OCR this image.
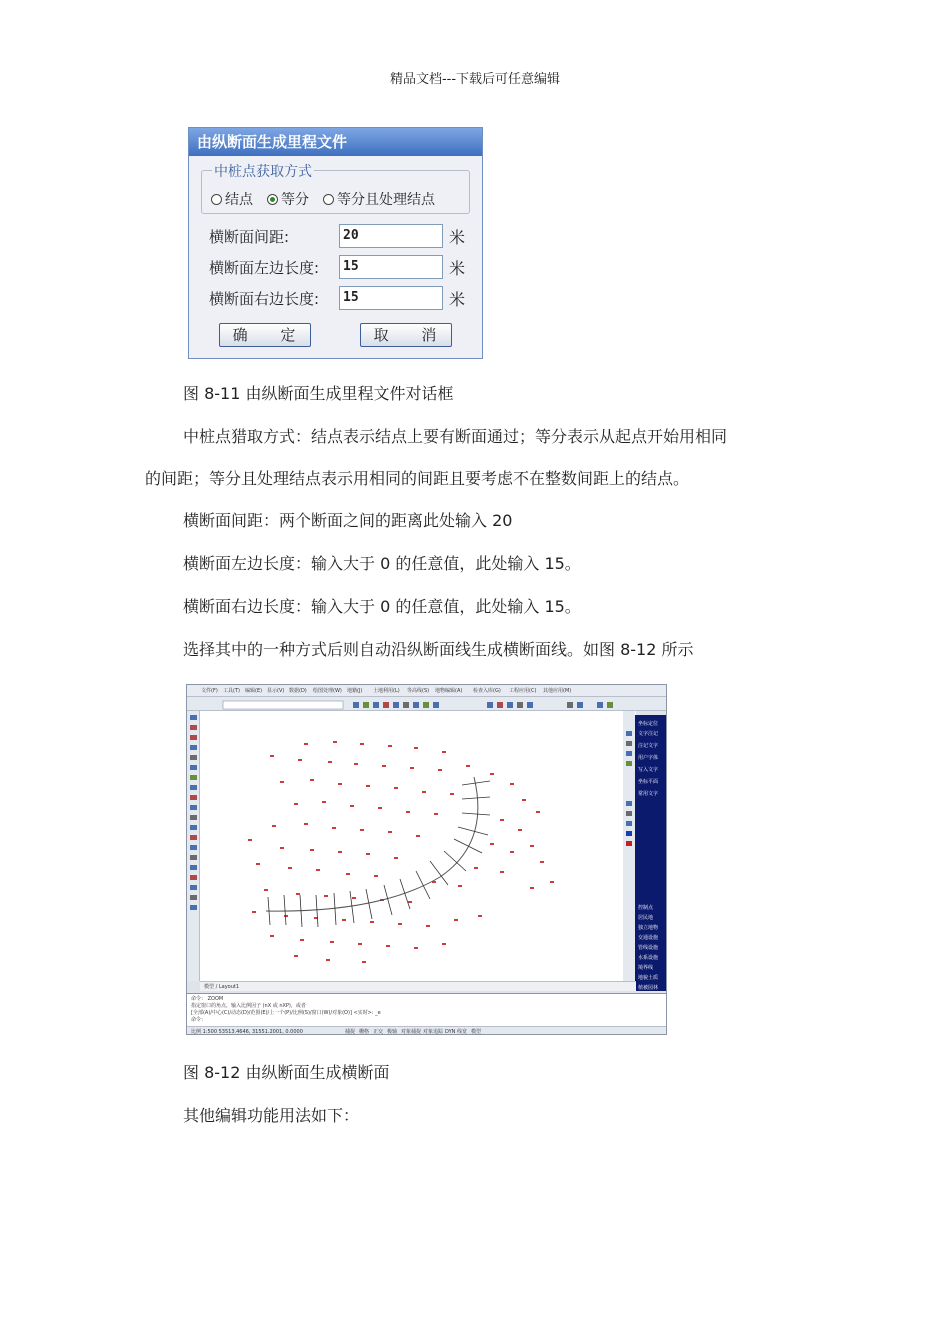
精品文档---下载后可任意编辑
由纵断面生成里程文件
中桩点获取方式
结点 等分 等分且处理结点
横断面间距:	20	米
横断面左边长度:	15	米
横断面右边长度:	15	米
确 定	取 消
图 8-11 由纵断面生成里程文件对话框
中桩点猎取方式：结点表示结点上要有断面通过；等分表示从起点开始用相同
的间距；等分且处理结点表示用相同的间距且要考虑不在整数间距上的结点。
横断面间距：两个断面之间的距离此处输入 20
横断面左边长度：输入大于 0 的任意值，此处输入 15。
横断面右边长度：输入大于 0 的任意值，此处输入 15。
选择其中的一种方式后则自动沿纵断面线生成横断面线。如图 8-12 所示
文件(F) 工具(T) 编辑(E) 显示(V) 数据(D) 绘图处理(W) 地籍(J) 土地利用(L) 等高线(S) 地物编辑(A) 检查入库(G) 工程应用(C) 其他应用(M)
坐标定位
文字注记
注记文字
用户字体
写入文字
坐标平面
常用文字
控制点
居民地
独立地物
交通设施
管线设施
水系设施
境界线
地貌土质
植被园林
模型 / Layout1
命令： ZOOM
指定窗口的角点，输入比例因子 (nX 或 nXP)，或者
[全部(A)/中心(C)/动态(D)/范围(E)/上一个(P)/比例(S)/窗口(W)/对象(O)] <实时>: _e
命令：
比例 1:500 53513.4646, 31551.2001, 0.0000	捕捉 栅格 正交 极轴 对象捕捉 对象追踪 DYN 线宽 模型
图 8-12 由纵断面生成横断面
其他编辑功能用法如下：
